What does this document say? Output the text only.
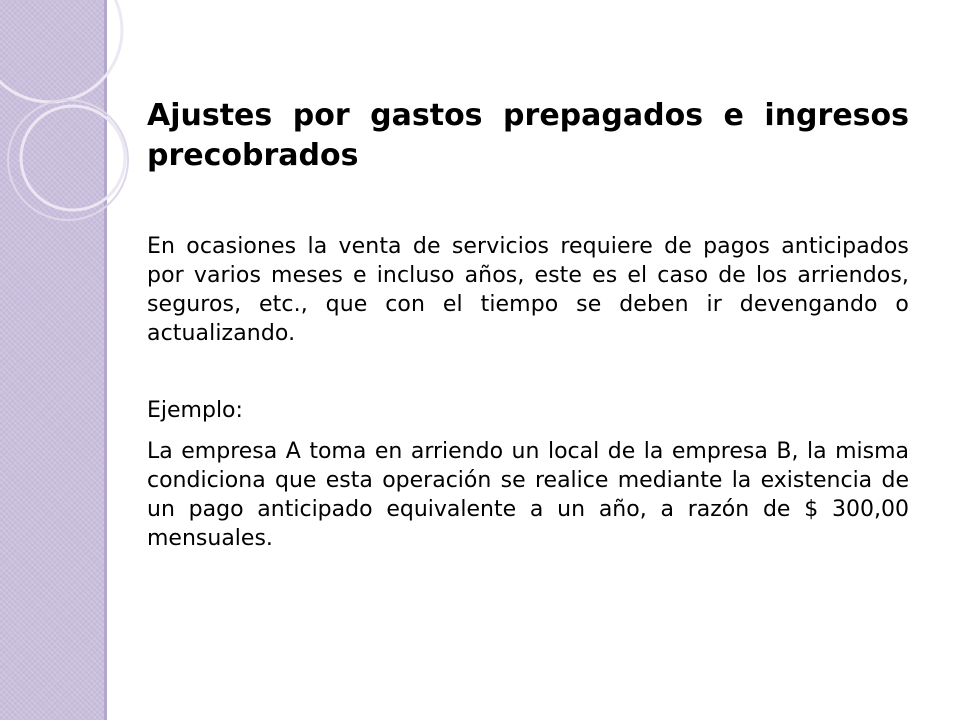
Ajustes por gastos prepagados e ingresos precobrados

En ocasiones la venta de servicios requiere de pagos anticipados por varios meses e incluso años, este es el caso de los arriendos, seguros, etc., que con el tiempo se deben ir devengando o actualizando.

Ejemplo:

La empresa A toma en arriendo un local de la empresa B, la misma condiciona que esta operación se realice mediante la existencia de un pago anticipado equivalente a un año, a razón de $ 300,00 mensuales.
